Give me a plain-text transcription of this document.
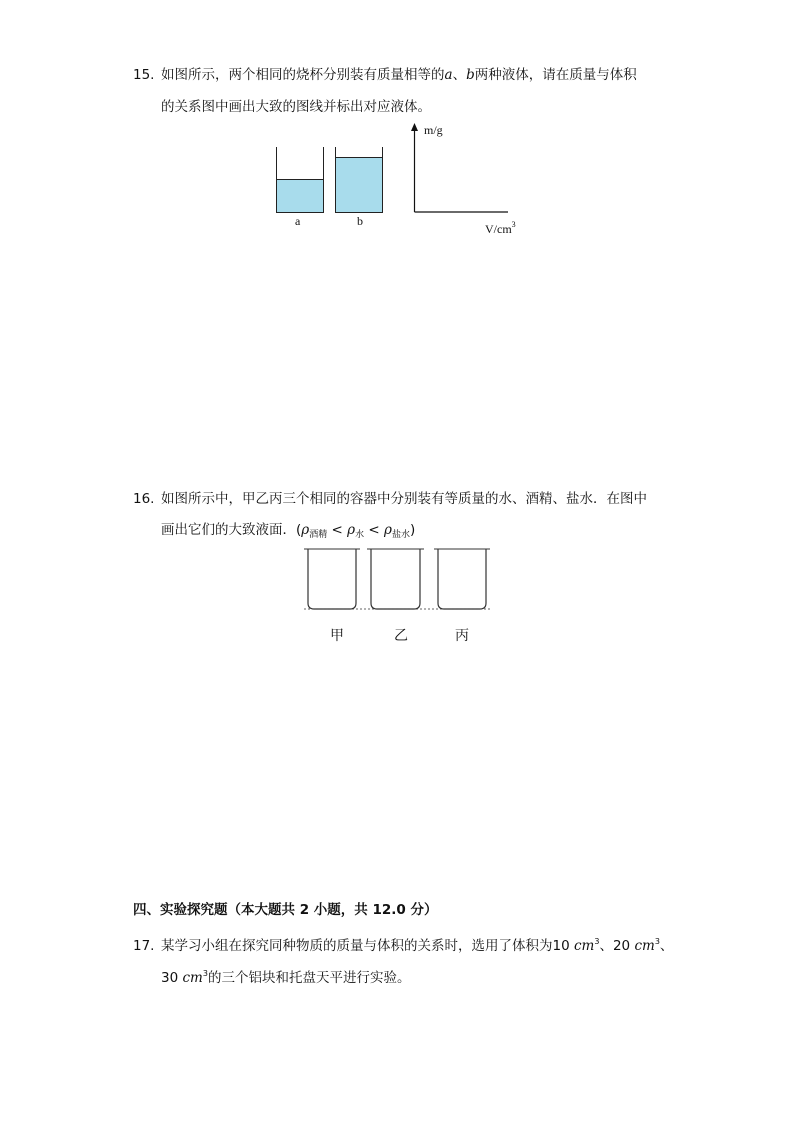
15. 如图所示，两个相同的烧杯分别装有质量相等的a、b两种液体，请在质量与体积
的关系图中画出大致的图线并标出对应液体。
a	b
m/g
$V/cm^3$
16. 如图所示中，甲乙丙三个相同的容器中分别装有等质量的水、酒精、盐水．在图中
画出它们的大致液面．$(\rho_{酒精} < \rho_水 < \rho_{盐水})$
甲	乙	丙
四、实验探究题（本大题共 2 小题，共 12.0 分）
17. 某学习小组在探究同种物质的质量与体积的关系时，选用了体积为10 $cm^3$、20 $cm^3$、
30 $cm^3$的三个铝块和托盘天平进行实验。
